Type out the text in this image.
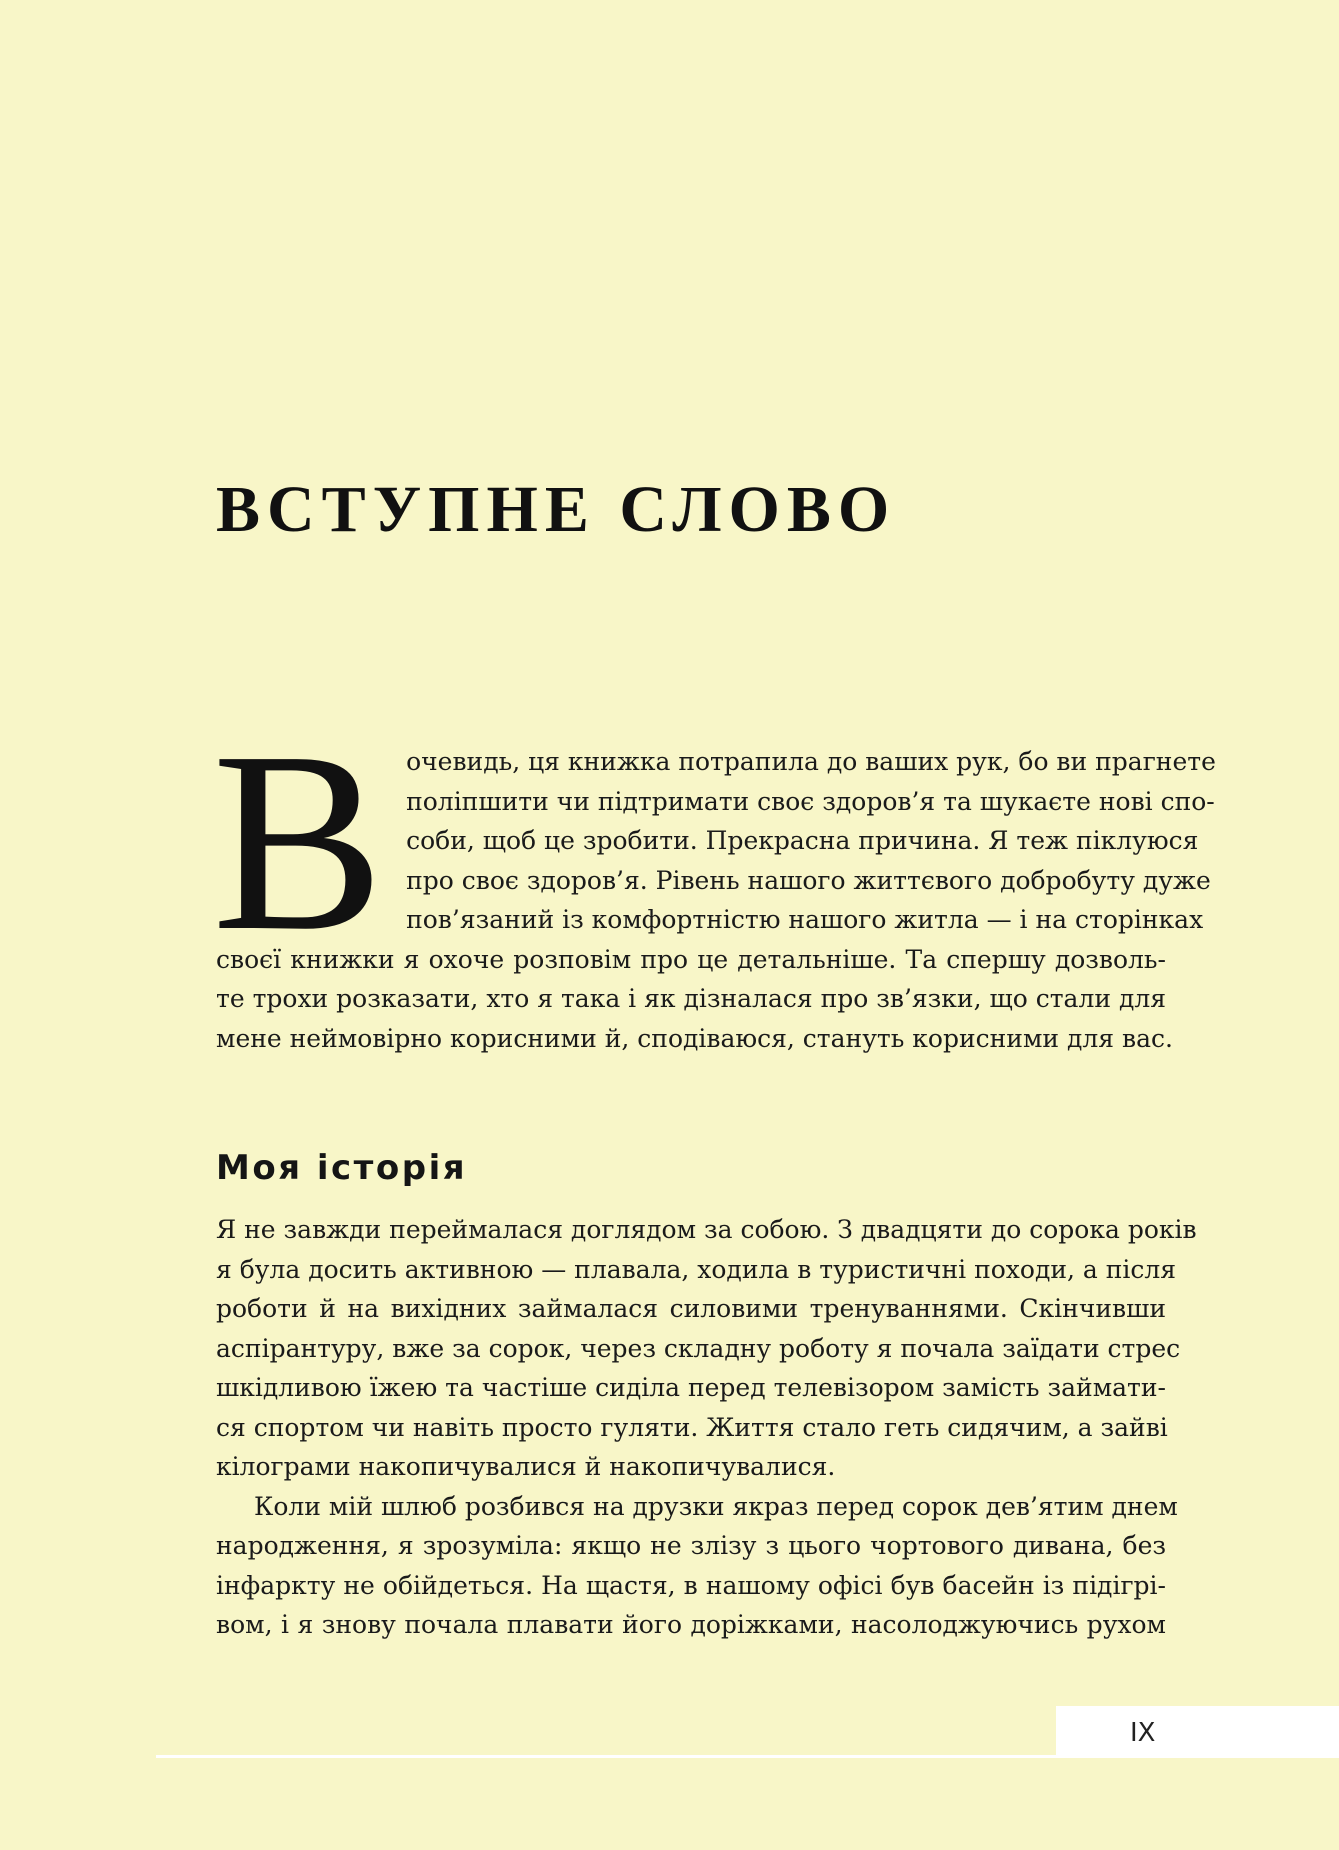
ВСТУПНЕ СЛОВО
В очевидь, ця книжка потрапила до ваших рук, бо ви прагнете
поліпшити чи підтримати своє здоров’я та шукаєте нові спо-
соби, щоб це зробити. Прекрасна причина. Я теж піклуюся
про своє здоров’я. Рівень нашого життєвого добробуту дуже
пов’язаний із комфортністю нашого житла — і на сторінках
своєї книжки я охоче розповім про це детальніше. Та спершу дозволь-
те трохи розказати, хто я така і як дізналася про зв’язки, що стали для
мене неймовірно корисними й, сподіваюся, стануть корисними для вас.
Моя історія
Я не завжди переймалася доглядом за собою. З двадцяти до сорока років
я була досить активною — плавала, ходила в туристичні походи, а після
роботи й на вихідних займалася силовими тренуваннями. Скінчивши
аспірантуру, вже за сорок, через складну роботу я почала заїдати стрес
шкідливою їжею та частіше сиділа перед телевізором замість займати-
ся спортом чи навіть просто гуляти. Життя стало геть сидячим, а зайві
кілограми накопичувалися й накопичувалися.
Коли мій шлюб розбився на друзки якраз перед сорок дев’ятим днем
народження, я зрозуміла: якщо не злізу з цього чортового дивана, без
інфаркту не обійдеться. На щастя, в нашому офісі був басейн із підігрі-
вом, і я знову почала плавати його доріжками, насолоджуючись рухом
IX
